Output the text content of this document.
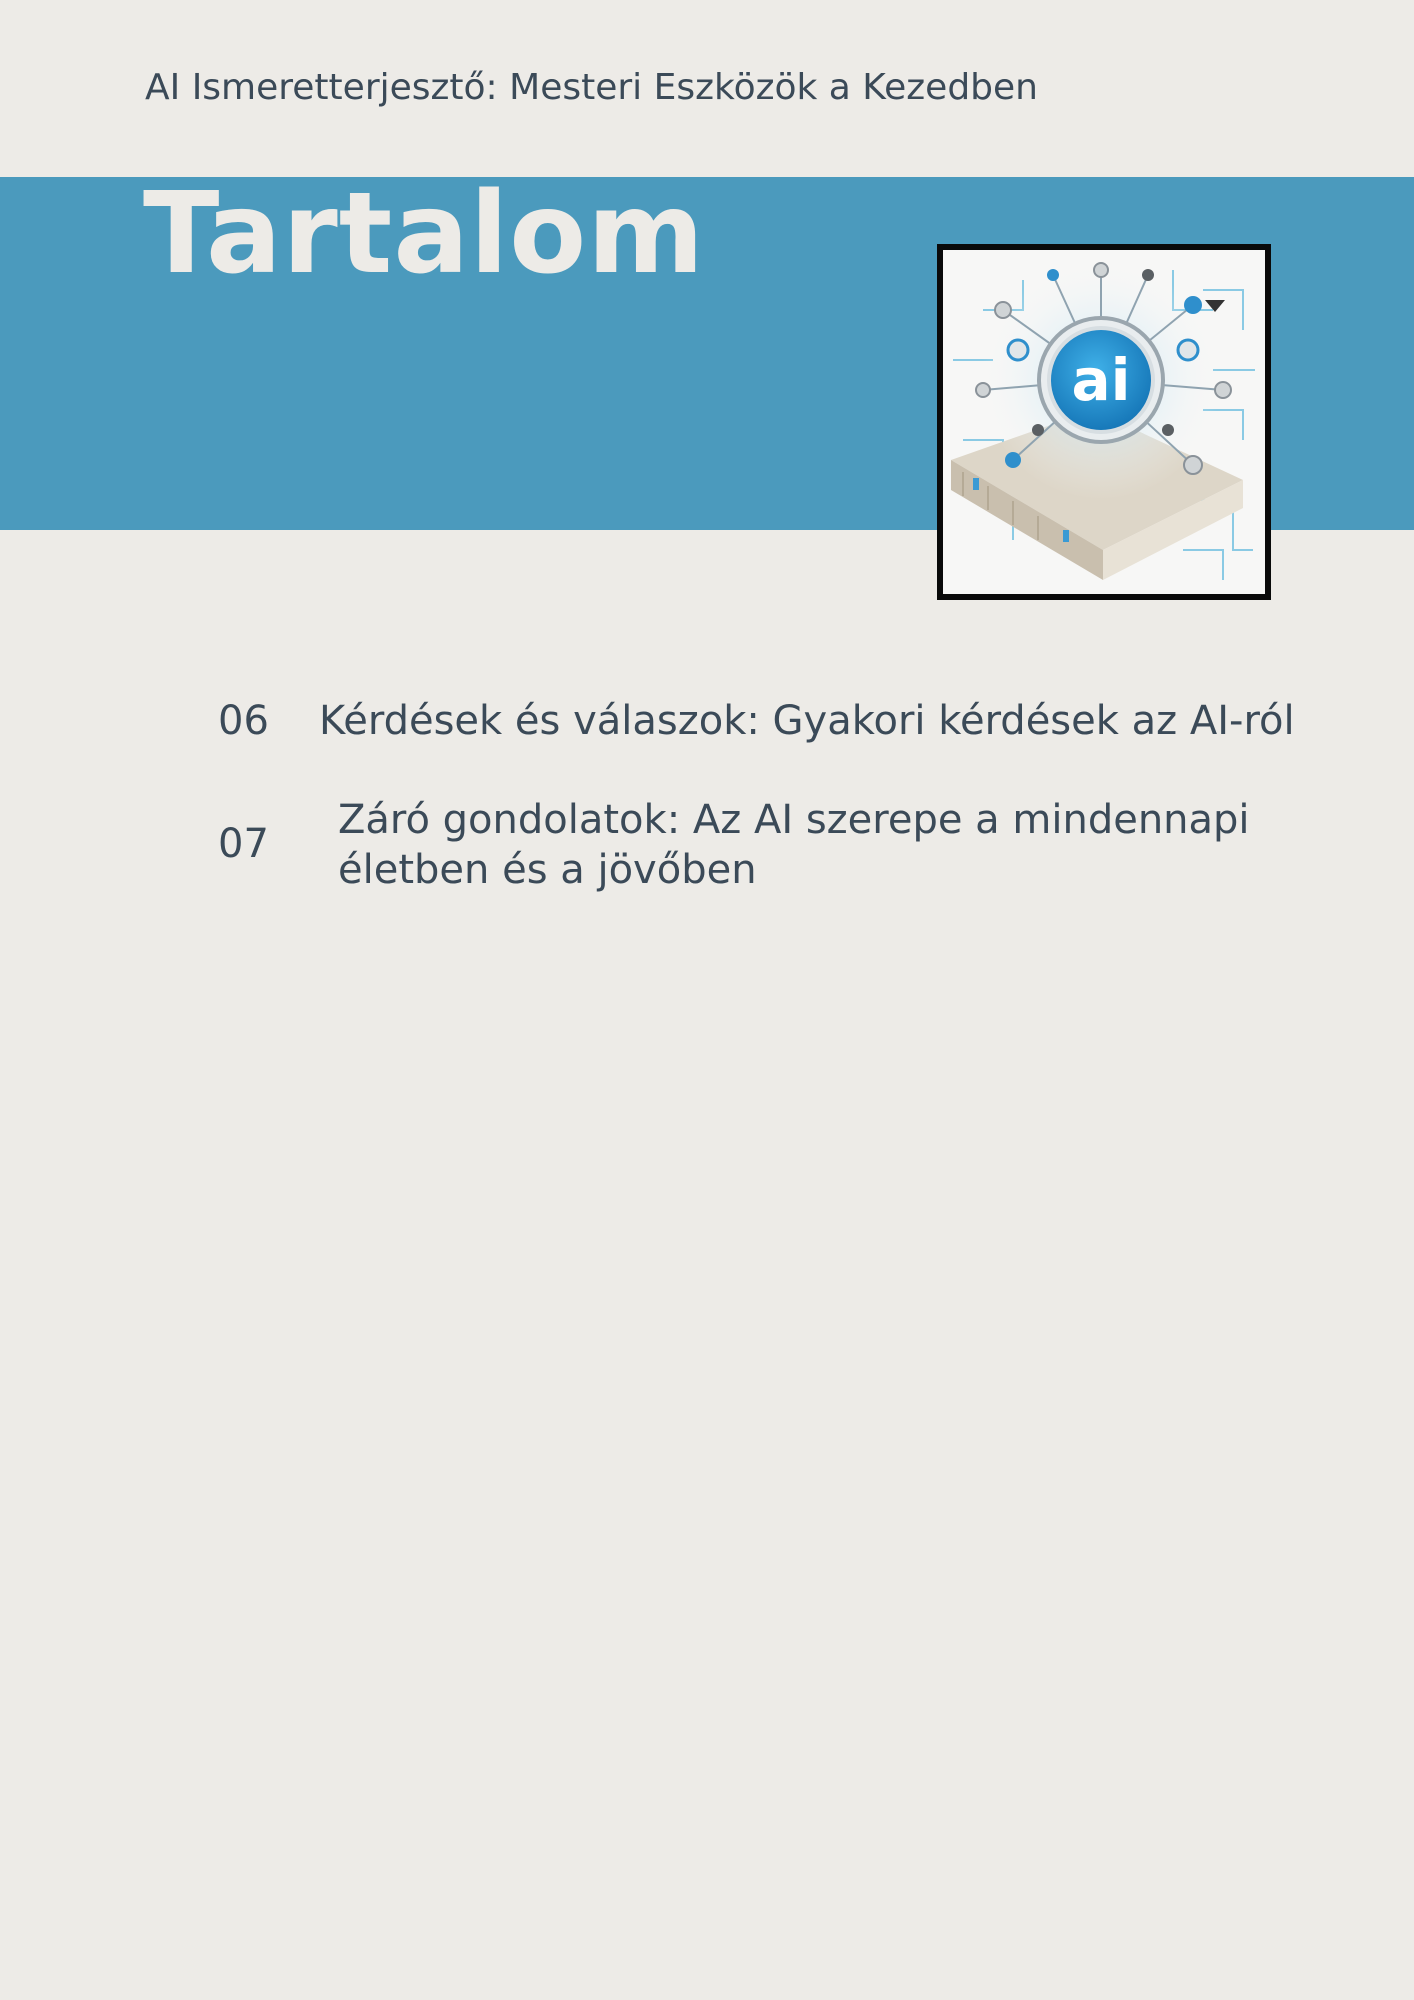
AI Ismeretterjesztő: Mesteri Eszközök a Kezedben
Tartalom
ai
06 Kérdések és válaszok: Gyakori kérdések az AI-ról
07
Záró gondolatok: Az AI szerepe a mindennapi
életben és a jövőben
